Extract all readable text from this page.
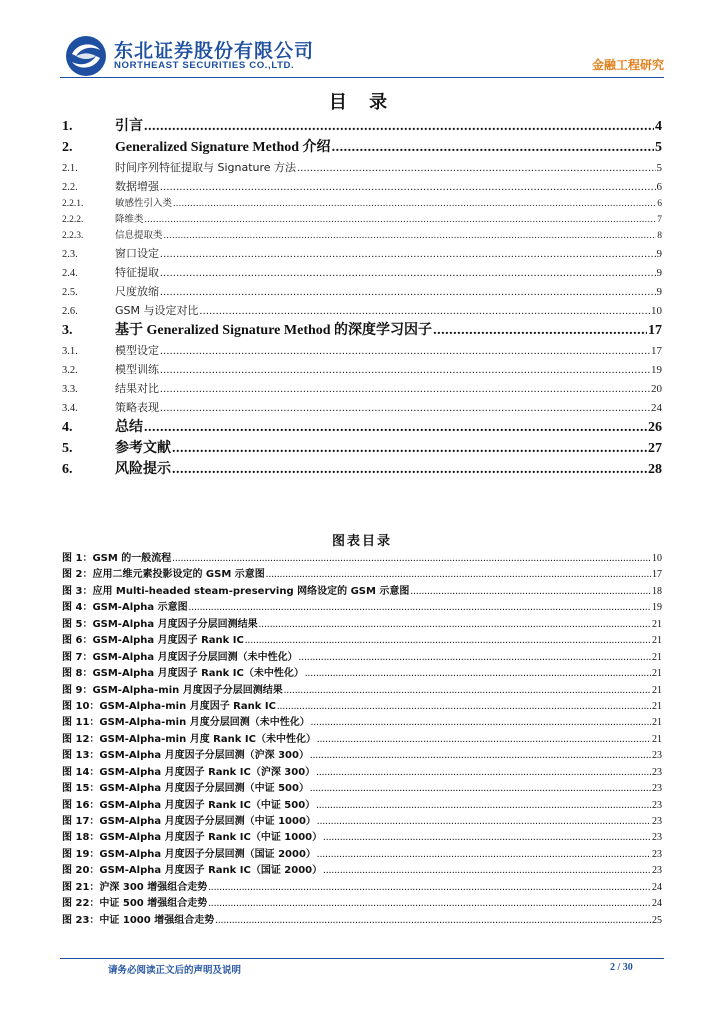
东北证券股份有限公司
NORTHEAST SECURITIES CO.,LTD.	金融工程研究
目 录
1.	引言 .....	4
2.	Generalized Signature Method 介绍 .....	5
2.1.	时间序列特征提取与 Signature 方法 .....	5
2.2.	数据增强 .....	6
2.2.1.	敏感性引入类 .....	6
2.2.2.	降维类 .....	7
2.2.3.	信息提取类 .....	8
2.3.	窗口设定 .....	9
2.4.	特征提取 .....	9
2.5.	尺度放缩 .....	9
2.6.	GSM 与设定对比 .....	10
3.	基于 Generalized Signature Method 的深度学习因子 .....	17
3.1.	模型设定 .....	17
3.2.	模型训练 .....	19
3.3.	结果对比 .....	20
3.4.	策略表现 .....	24
4.	总结 .....	26
5.	参考文献 .....	27
6.	风险提示 .....	28
图表目录
图 1：GSM 的一般流程 .....	10
图 2：应用二维元素投影设定的 GSM 示意图 .....	17
图 3：应用 Multi-headed steam-preserving 网络设定的 GSM 示意图 .....	18
图 4：GSM-Alpha 示意图 .....	19
图 5：GSM-Alpha 月度因子分层回测结果 .....	21
图 6：GSM-Alpha 月度因子 Rank IC .....	21
图 7：GSM-Alpha 月度因子分层回测（未中性化） .....	21
图 8：GSM-Alpha 月度因子 Rank IC（未中性化） .....	21
图 9：GSM-Alpha-min 月度因子分层回测结果 .....	21
图 10：GSM-Alpha-min 月度因子 Rank IC .....	21
图 11：GSM-Alpha-min 月度分层回测（未中性化） .....	21
图 12：GSM-Alpha-min 月度 Rank IC（未中性化） .....	21
图 13：GSM-Alpha 月度因子分层回测（沪深 300） .....	23
图 14：GSM-Alpha 月度因子 Rank IC（沪深 300） .....	23
图 15：GSM-Alpha 月度因子分层回测（中证 500） .....	23
图 16：GSM-Alpha 月度因子 Rank IC（中证 500） .....	23
图 17：GSM-Alpha 月度因子分层回测（中证 1000） .....	23
图 18：GSM-Alpha 月度因子 Rank IC（中证 1000） .....	23
图 19：GSM-Alpha 月度因子分层回测（国证 2000） .....	23
图 20：GSM-Alpha 月度因子 Rank IC（国证 2000） .....	23
图 21：沪深 300 增强组合走势 .....	24
图 22：中证 500 增强组合走势 .....	24
图 23：中证 1000 增强组合走势 .....	25
请务必阅读正文后的声明及说明	2 / 30
